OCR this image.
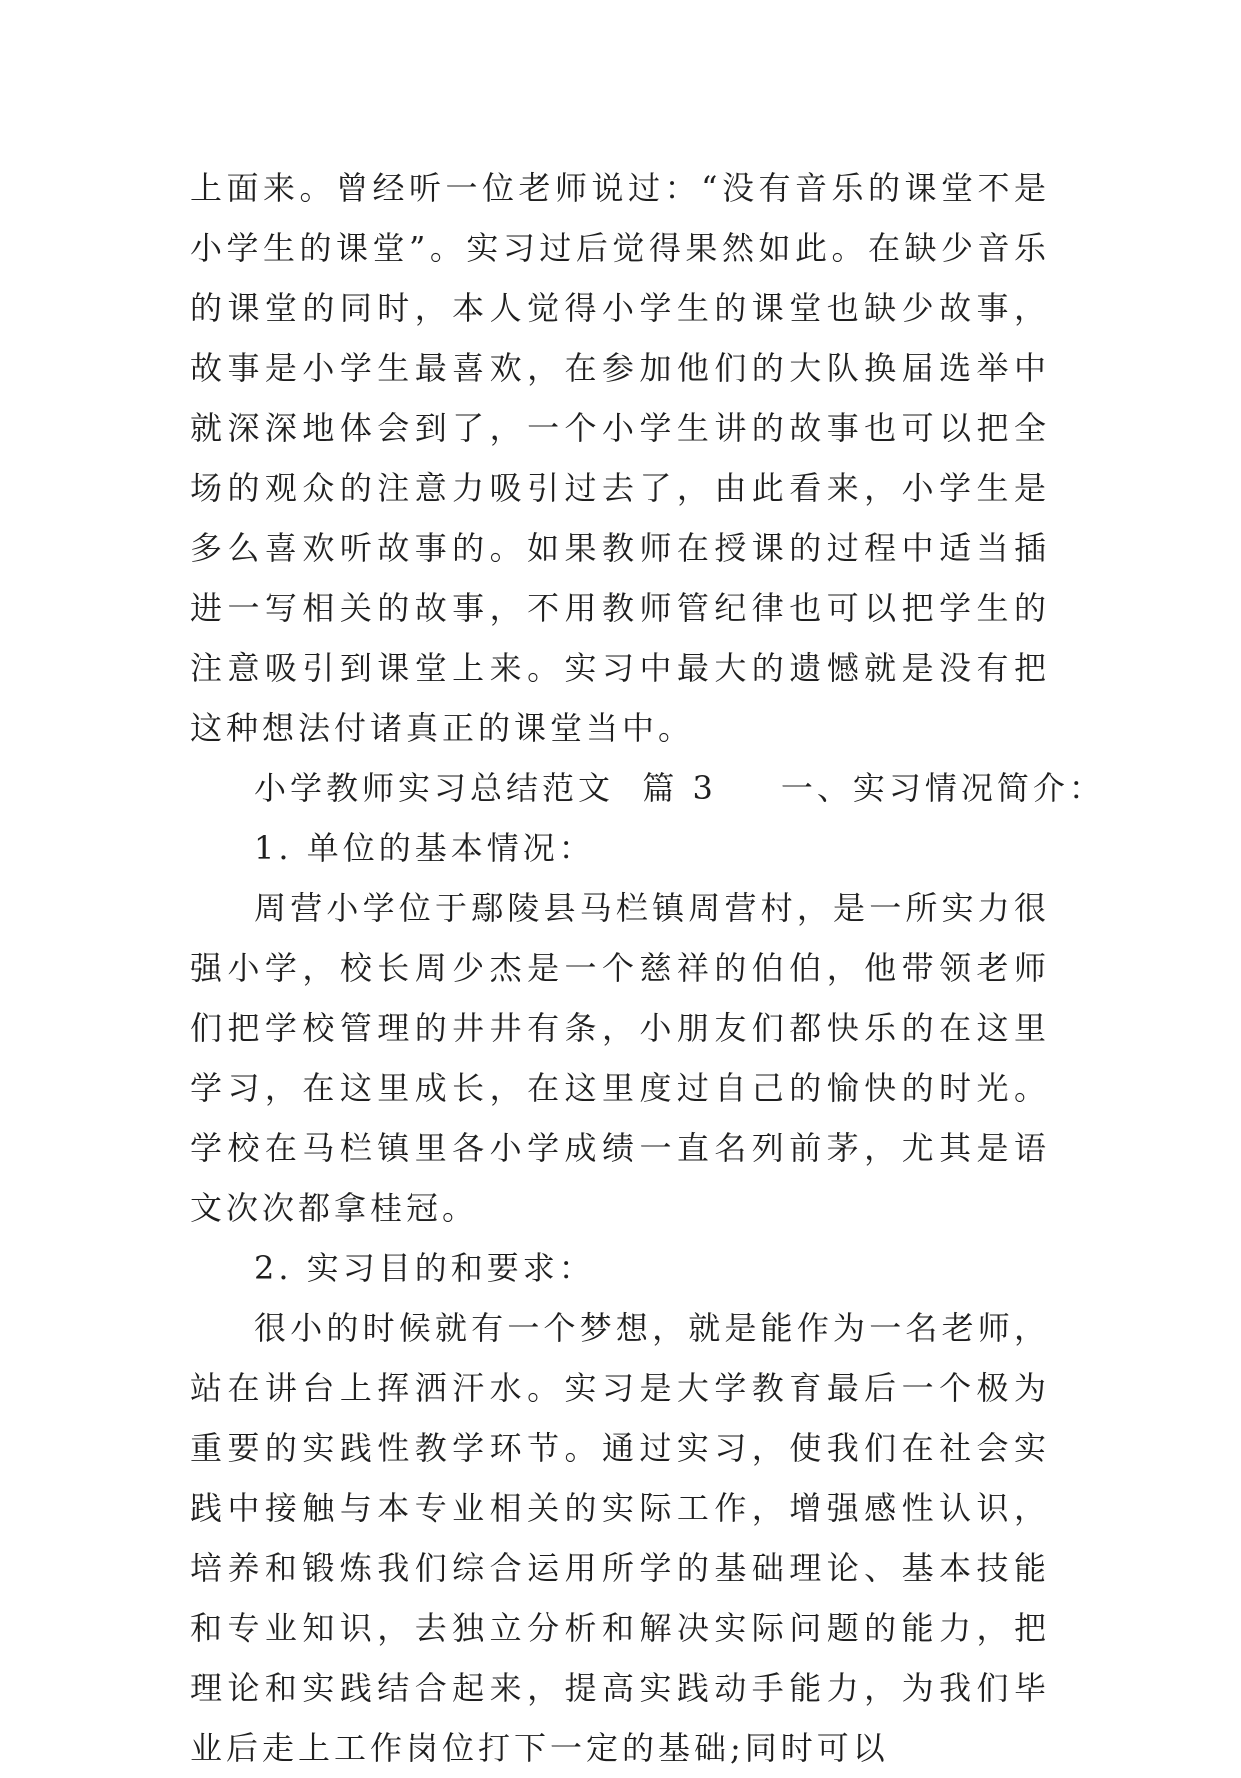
上面来。曾经听一位老师说过：“没有音乐的课堂不是小学生的课堂”。实习过后觉得果然如此。在缺少音乐的课堂的同时，本人觉得小学生的课堂也缺少故事，故事是小学生最喜欢，在参加他们的大队换届选举中就深深地体会到了，一个小学生讲的故事也可以把全场的观众的注意力吸引过去了，由此看来，小学生是多么喜欢听故事的。如果教师在授课的过程中适当插进一写相关的故事，不用教师管纪律也可以把学生的注意吸引到课堂上来。实习中最大的遗憾就是没有把这种想法付诸真正的课堂当中。

小学教师实习总结范文  篇 3 一、实习情况简介：

1. 单位的基本情况：

周营小学位于鄢陵县马栏镇周营村，是一所实力很强小学，校长周少杰是一个慈祥的伯伯，他带领老师们把学校管理的井井有条，小朋友们都快乐的在这里学习，在这里成长，在这里度过自己的愉快的时光。学校在马栏镇里各小学成绩一直名列前茅，尤其是语文次次都拿桂冠。

2. 实习目的和要求：

很小的时候就有一个梦想，就是能作为一名老师，站在讲台上挥洒汗水。实习是大学教育最后一个极为重要的实践性教学环节。通过实习，使我们在社会实践中接触与本专业相关的实际工作，增强感性认识，培养和锻炼我们综合运用所学的基础理论、基本技能和专业知识，去独立分析和解决实际问题的能力，把理论和实践结合起来，提高实践动手能力，为我们毕业后走上工作岗位打下一定的基础;同时可以
